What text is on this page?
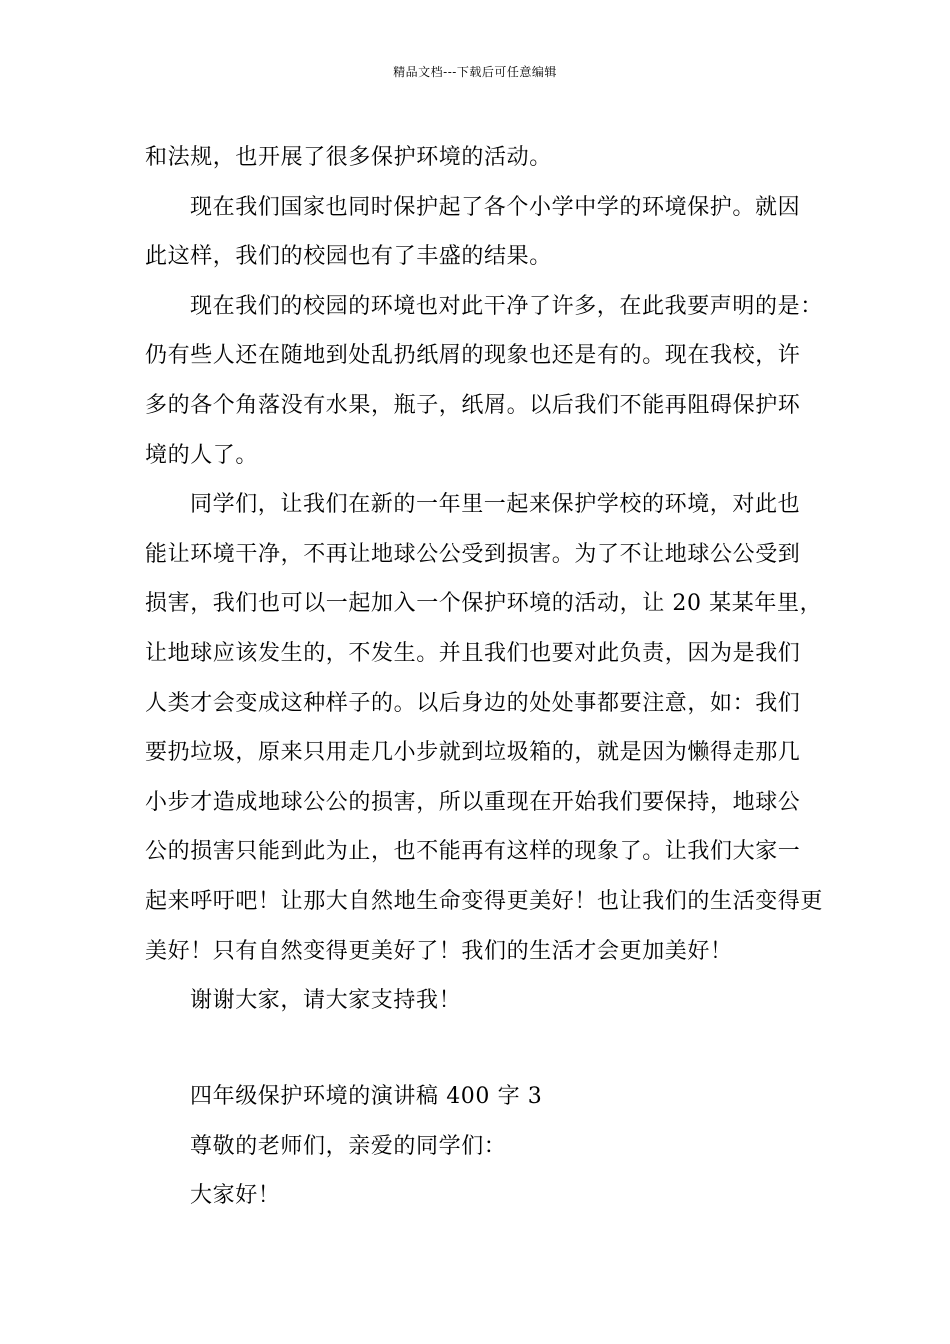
精品文档---下载后可任意编辑
和法规，也开展了很多保护环境的活动。
现在我们国家也同时保护起了各个小学中学的环境保护。就因
此这样，我们的校园也有了丰盛的结果。
现在我们的校园的环境也对此干净了许多，在此我要声明的是：
仍有些人还在随地到处乱扔纸屑的现象也还是有的。现在我校，许
多的各个角落没有水果，瓶子，纸屑。以后我们不能再阻碍保护环
境的人了。
同学们，让我们在新的一年里一起来保护学校的环境，对此也
能让环境干净，不再让地球公公受到损害。为了不让地球公公受到
损害，我们也可以一起加入一个保护环境的活动，让 20 某某年里，
让地球应该发生的，不发生。并且我们也要对此负责，因为是我们
人类才会变成这种样子的。以后身边的处处事都要注意，如：我们
要扔垃圾，原来只用走几小步就到垃圾箱的，就是因为懒得走那几
小步才造成地球公公的损害，所以重现在开始我们要保持，地球公
公的损害只能到此为止，也不能再有这样的现象了。让我们大家一
起来呼吁吧！让那大自然地生命变得更美好！也让我们的生活变得更
美好！只有自然变得更美好了！我们的生活才会更加美好！
谢谢大家，请大家支持我！
四年级保护环境的演讲稿 400 字 3
尊敬的老师们，亲爱的同学们：
大家好！
